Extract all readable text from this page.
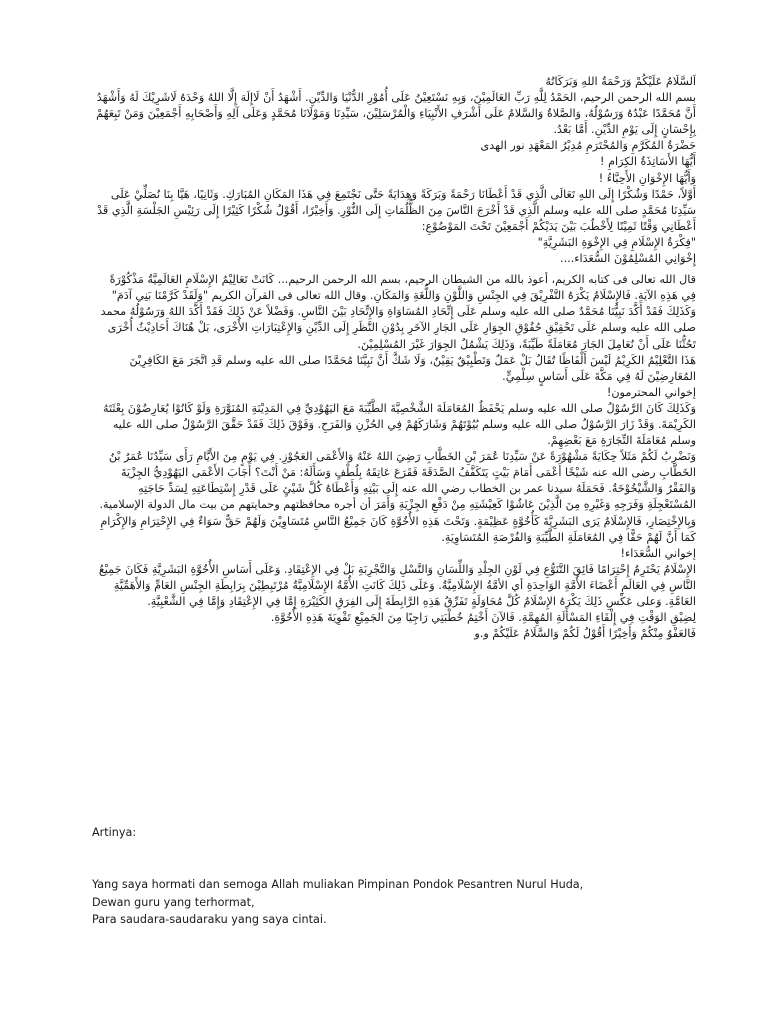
اَلسَّلَامُ عَلَيْكُمْ وَرَحْمَةُ اللهِ وَبَرَكَاتُهُ

بسم الله الرحمن الرحيم، الحَمْدُ لِلَّهِ رَبِّ العَالَمِيْنَ، وَبِهِ نَسْتَعِيْنُ عَلَى أُمُوْرِ الدُّنْيَا وَالدِّيْنِ. أَشْهَدُ أَنْ لَاإِلَهَ إِلَّا اللهُ وَحْدَهُ لَاشَرِيْكَ لَهُ وَأَشْهَدُ أَنَّ مُحَمَّدًا عَبْدُهُ وَرَسُوْلُهُ، وَالصَّلاةُ وَالسَّلامُ عَلَى أَشْرَفِ الأَنْبِيَاءِ وَالْمُرْسَلِيْنَ، سَيِّدِنَا وَمَوْلَانَا مُحَمَّدٍ وَعَلَى آلِهِ وَأَصْحَابِهِ أَجْمَعِيْنَ وَمَنْ تَبِعَهُمْ بِإِحْسَانٍ إِلَى يَوْمِ الدِّيْنِ. أَمَّا بَعْدُ.

حَضْرَةُ المُكَرَّمِ وَالمُحْتَرَمِ مُدِيْرُ المَعْهَدِ نور الهدى

أَيُّهَا الأَسَاتِذَةُ الكِرَامِ !

وَأَيُّهَا الإِخْوَانِ الأَحِبَّاءُ !

أَوَّلاً، حَمْدًا وَشُكْرًا إِلَى اللهِ تَعَالَى الَّذِي قَدْ أَعْطَانَا رَحْمَةً وَبَرَكَةً وَهِدَايَةً حَتَّى نَجْتَمِعَ فِي هَذَا المَكَانِ المُبَارَكِ. وَثَانِيًا، هَيَّا بِنَا نُصَلِّيْ عَلَى سَيِّدِنَا مُحَمَّدٍ صلى الله عليه وسلم الَّذِي قَدْ أَخْرَجَ النَّاسَ مِنَ الظُّلُمَاتِ إِلَى النُّوْرِ. وَأَخِيْرًا، أَقُوْلُ شُكْرًا كَثِيْرًا إِلَى رَئِيْسِ الجَلْسَةِ الَّذِي قَدْ أَعْطَانِي وَقْتًا ثَمِيْنًا لِأَخْطُبَ بَيْنَ يَدَيْكُمْ أَجْمَعِيْنَ تَحْتَ المَوْضُوْعِ:

"فِكْرَةُ الإِسْلَامِ فِي الإِخْوَةِ البَشَرِيَّةِ"

إِخْوَانِي المُسْلِمُوْنَ السُّعَدَاء....

قال الله تعالى فى كتابه الكريم، أعوذ بالله من الشيطان الرجيم، بسم الله الرحمن الرحيم... كَانَتْ تَعَالِيْمُ الإِسْلَامِ العَالَمِيَّةُ مَذْكُوْرَةً فِي هَذِهِ الآيَةِ. فَالإِسْلَامُ يَكْرَهُ التَّفْرِيْقَ فِي الجِنْسِ وَاللَّوْنِ وَاللُّغَةِ وَالمَكَانِ. وقال الله تعالى فى القرآن الكريم "وَلَقَدْ كَرَّمْنَا بَنِي آدَمَ" وَكَذَلِكَ فَقَدْ أَكَّدَ نَبِيُّنَا مُحَمَّدٌ صلى الله عليه وسلم عَلَى إِتِّحَادِ المُسَاوَاةِ وَالإِتِّحَادِ بَيْنَ النَّاسِ. وَفَضْلاً عَنْ ذَلِكَ فَقَدْ أَكَّدَ اللهُ وَرَسُوْلُهُ محمد صلى الله عليه وسلم عَلَى تَحْقِيْقِ حُقُوْقِ الجِوَارِ عَلَى الجَارِ الآخَرِ بِدُوْنِ النَّظَرِ إِلَى الدِّيْنِ وَالإِعْتِبَارَاتِ الأُخْرَى، بَلْ هُنَاكَ أَحَادِيْثُ أُخْرَى تَحُثُّنَا عَلَى أَنْ نُعَامِلَ الجَارَ مُعَامَلَةً طَيِّبَةً، وَذَلِكَ يَشْمُلُ الجِوَارَ غَيْرَ المُسْلِمِيْنَ.

هَذَا التَّعْلِيْمُ الكَرِيْمُ لَيْسَ أَلْفَاظًا تُقَالُ بَلْ عَمَلٌ وَتَطْبِيْقٌ يَقِيْنٌ، وَلَا شَكَّ أَنَّ نَبِيَّنَا مُحَمَّدًا صلى الله عليه وسلم قَدِ اتَّجَرَ مَعَ الكَافِرِيْنَ المُعَارِضِيْنَ لَهُ فِي مَكَّةَ عَلَى أَسَاسٍ سِلْمِيٍّ.

إخواني المحترمون!

وَكَذَلِكَ كَانَ الرَّسُوْلُ صلى الله عليه وسلم يَحْفَظُ المُعَامَلَةَ الشَّخْصِيَّةَ الطَّيِّبَةَ مَعَ اليَهُوْدِيِّ فِي المَدِيْنَةِ المُنَوَّرَةِ وَلَوْ كَانُوْا يُعَارِضُوْنَ بِعْثَتَهُ الكَرِيْمَةَ. وَقَدْ زَارَ الرَّسُوْلُ صلى الله عليه وسلم بُيُوْتَهُمْ وَشَارَكَهُمْ فِي الحُزْنِ وَالفَرَحِ. وَفَوْقَ ذَلِكَ فَقَدْ حَقَّقَ الرَّسُوْلُ صلى الله عليه وسلم مُعَامَلَةَ التِّجَارَةِ مَعَ بَعْضِهِمْ.

وَنَضْرِبُ لَكُمْ مَثَلاً حِكَايَةً مَشْهُوْرَةً عَنْ سَيِّدِنَا عُمَرَ بْنِ الخَطَّابِ رَضِيَ اللهُ عَنْهُ وَالأَعْمَى العَجُوْزِ. فِي يَوْمٍ مِنَ الأَيَّامِ رَأَى سَيِّدُنَا عُمَرُ بْنُ الخَطَّابِ رضى الله عنه شَيْخًا أَعْمَى أَمَامَ بَيْتٍ يَتَكَفَّفُ الصَّدَقَةَ فَقَرَعَ عَاتِقَهُ بِلُطْفٍ وَسَأَلَهُ: مَنْ أَنْتَ؟ أَجَابَ الأَعْمَى اليَهُوْدِيُّ الجِزْيَةَ وَالفَقْرُ وَالشَّيْخُوْخَةُ. فَحَمَلَهُ سيدنا عمر بن الخطاب رضي الله عنه إِلَى بَيْتِهِ وَأَعْطَاهُ كُلَّ شَيْئٍ عَلَى قَدْرِ إِسْتِطَاعَتِهِ لِسَدِّ حَاجَتِهِ المُسْتَعْجِلَةِ وَفَرَجِهِ وَغَيْرِهِ مِنَ الَّذِيْنَ عَاشُوْا كَعِيْشَتِهِ مِنْ دَفْعِ الجِزْيَةِ وَأَمَرَ أن أجره محافظتهم وحمايتهم من بيت مال الدولة الإسلامية.

وَبِالإِخْتِصَارِ، فَالإِسْلَامُ يَرَى البَشَرِيَّةَ كَأُخُوَّةٍ عَظِيْمَةٍ. وَتَحْتَ هَذِهِ الأُخُوَّةِ كَانَ جَمِيْعُ النَّاسِ مُتَسَاوِيْنَ وَلَهُمْ حَقٌّ سَوَاءٌ فِي الإِحْتِرَامِ وَالإِكْرَامِ كَمَا أَنَّ لَهُمْ حَقًّا فِي المُعَامَلَةِ الطَّيِّبَةِ وَالفُرْصَةِ المُتَسَاوِيَةِ.

إخواني السُّعَدَاء!

الإِسْلَامُ يَحْتَرِمُ إِحْتِرَامًا فَائِقَ التَّنَوُّعِ فِي لَوْنِ الجِلْدِ وَاللِّسَانِ وَالنَّسْلِ وَالتَّجْرِبَةِ بَلْ فِي الإِعْتِقَادِ. وَعَلَى أَسَاسِ الأُخُوَّةِ البَشَرِيَّةِ فَكَانَ جَمِيْعُ النَّاسِ فِي العَالَمِ أَعْضَاءَ الأُمَّةِ الوَاحِدَةِ أي الأمَّةُ الإِسْلَامِيَّةُ. وَعَلَى ذَلِكَ كَانَتِ الأُمَّةُ الإِسْلَامِيَّةُ مُرْتَبِطِيْنَ بِرَابِطَةِ الجِنْسِ العَامِّ وَالأَهَمِّيَّةِ العَامَّةِ. وَعلى عَكْسِ ذَلِكَ يَكْرَهُ الإِسْلَامُ كُلَّ مُحَاوَلَةٍ تَفَرِّقُ هَذِهِ الرَّابِطَةَ إِلَى الفِرَقِ الكَثِيْرَةِ إِمَّا فِي الإِعْتِقَادِ وَإِمَّا فِي الشَّعْبِيَّةِ.

لِضِيْقِ الوَقْتِ فِي إِلْقَاءِ المَسْأَلَةِ المُهِمَّةِ. فَالآنَ أَخْتِمُ خُطْبَتِي رَاجِيًا مِنَ الجَمِيْعِ تَقْوِيَةَ هَذِهِ الأُخُوَّةِ.

فَالعَفْوُ مِنْكُمْ وَأَخِيْرًا أَقُوْلُ لَكُمْ وَالسَّلَامُ عَلَيْكُمْ و.و

Artinya:

Yang saya hormati dan semoga Allah muliakan Pimpinan Pondok Pesantren Nurul Huda,

Dewan guru yang terhormat,

Para saudara-saudaraku yang saya cintai.
